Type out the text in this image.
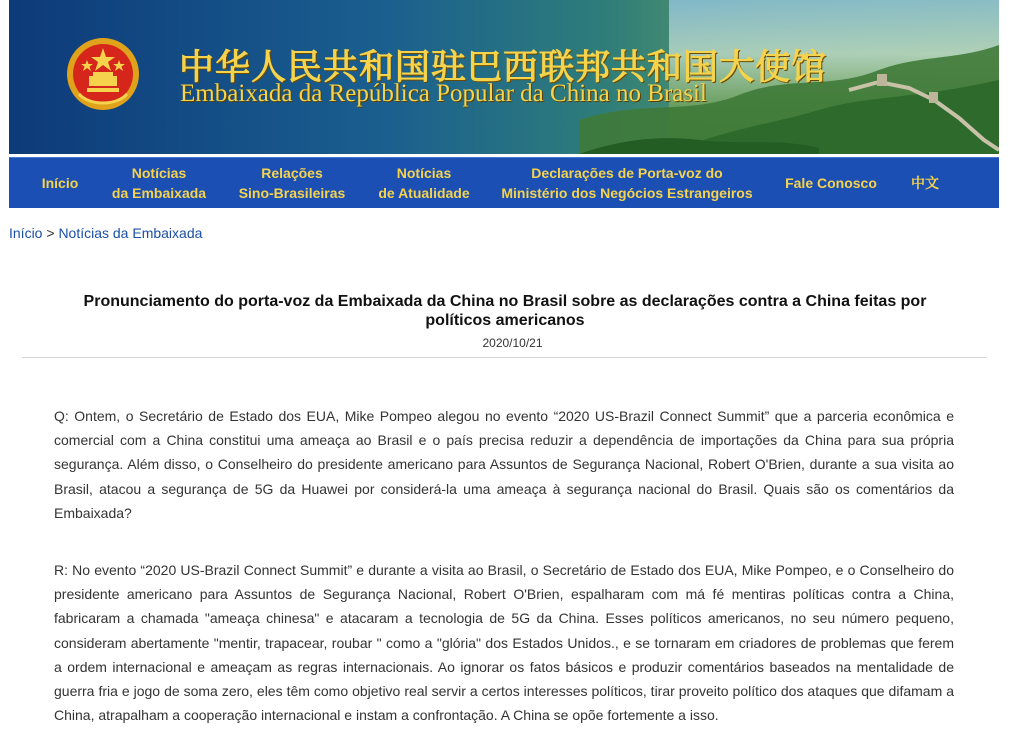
中华人民共和国驻巴西联邦共和国大使馆
Embaixada da República Popular da China no Brasil
Início
Notícias
da Embaixada
Relações
Sino-Brasileiras
Notícias
de Atualidade
Declarações de Porta-voz do
Ministério dos Negócios Estrangeiros
Fale Conosco 中文
Início > Notícias da Embaixada
Pronunciamento do porta-voz da Embaixada da China no Brasil sobre as declarações contra a China feitas por políticos americanos
2020/10/21
Q: Ontem, o Secretário de Estado dos EUA, Mike Pompeo alegou no evento “2020 US-Brazil Connect Summit” que a parceria econômica e comercial com a China constitui uma ameaça ao Brasil e o país precisa reduzir a dependência de importações da China para sua própria segurança. Além disso, o Conselheiro do presidente americano para Assuntos de Segurança Nacional, Robert O'Brien, durante a sua visita ao Brasil, atacou a segurança de 5G da Huawei por considerá-la uma ameaça à segurança nacional do Brasil. Quais são os comentários da Embaixada?
R: No evento “2020 US-Brazil Connect Summit” e durante a visita ao Brasil, o Secretário de Estado dos EUA, Mike Pompeo, e o Conselheiro do presidente americano para Assuntos de Segurança Nacional, Robert O'Brien, espalharam com má fé mentiras políticas contra a China, fabricaram a chamada "ameaça chinesa" e atacaram a tecnologia de 5G da China. Esses políticos americanos, no seu número pequeno, consideram abertamente "mentir, trapacear, roubar " como a "glória" dos Estados Unidos., e se tornaram em criadores de problemas que ferem a ordem internacional e ameaçam as regras internacionais. Ao ignorar os fatos básicos e produzir comentários baseados na mentalidade de guerra fria e jogo de soma zero, eles têm como objetivo real servir a certos interesses políticos, tirar proveito político dos ataques que difamam a China, atrapalham a cooperação internacional e instam a confrontação. A China se opõe fortemente a isso.
